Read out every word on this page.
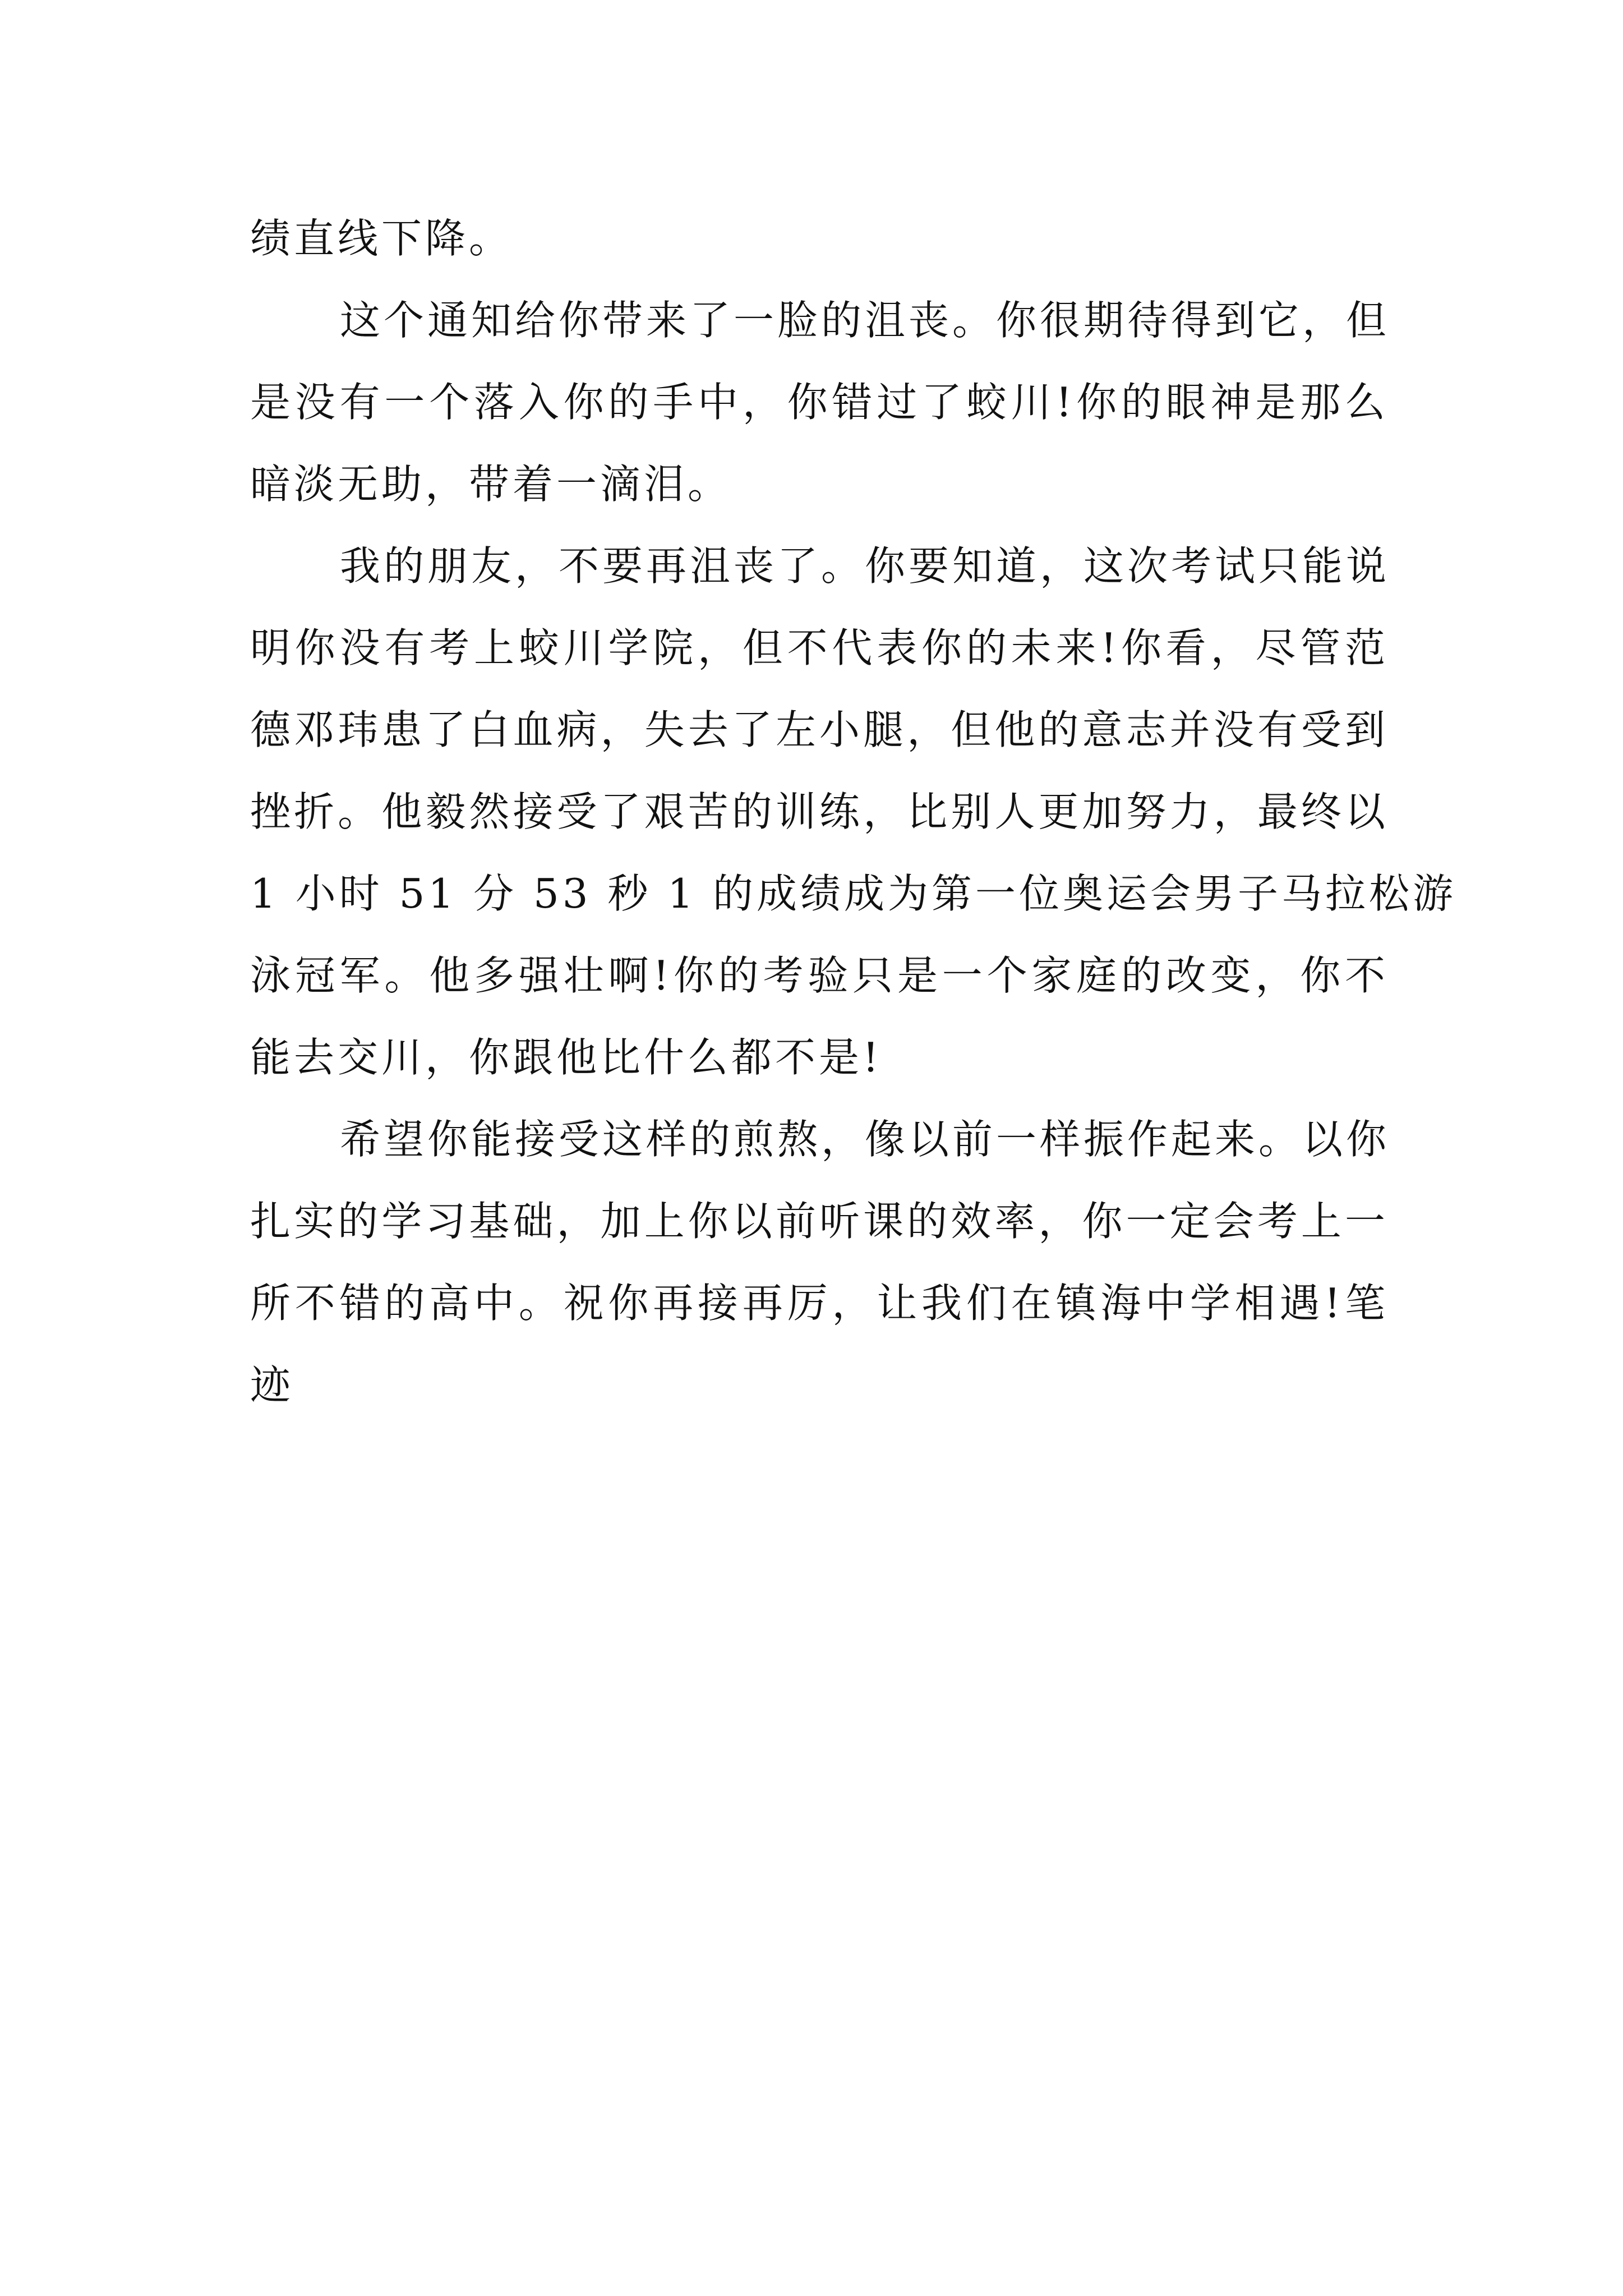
绩直线下降。
这个通知给你带来了一脸的沮丧。你很期待得到它，但
是没有一个落入你的手中，你错过了蛟川!你的眼神是那么
暗淡无助，带着一滴泪。
我的朋友，不要再沮丧了。你要知道，这次考试只能说
明你没有考上蛟川学院，但不代表你的未来!你看，尽管范
德邓玮患了白血病，失去了左小腿，但他的意志并没有受到
挫折。他毅然接受了艰苦的训练，比别人更加努力，最终以
1 小时 51 分 53 秒 1 的成绩成为第一位奥运会男子马拉松游
泳冠军。他多强壮啊!你的考验只是一个家庭的改变，你不
能去交川，你跟他比什么都不是!
希望你能接受这样的煎熬，像以前一样振作起来。以你
扎实的学习基础，加上你以前听课的效率，你一定会考上一
所不错的高中。祝你再接再厉，让我们在镇海中学相遇!笔
迹
